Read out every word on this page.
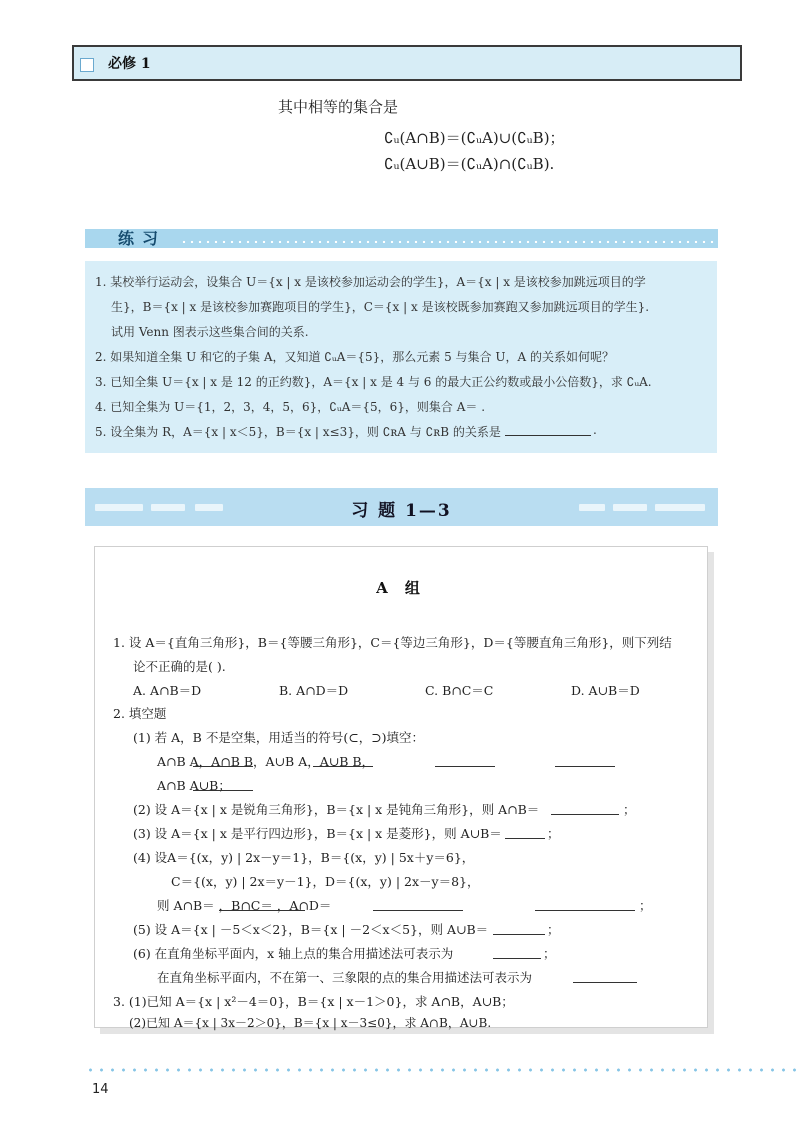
必修 1
其中相等的集合是
∁ᵤ(A∩B)＝(∁ᵤA)∪(∁ᵤB)；
∁ᵤ(A∪B)＝(∁ᵤA)∩(∁ᵤB).
练习
1. 某校举行运动会，设集合 U＝{x | x 是该校参加运动会的学生}，A＝{x | x 是该校参加跳远项目的学
生}，B＝{x | x 是该校参加赛跑项目的学生}，C＝{x | x 是该校既参加赛跑又参加跳远项目的学生}.
试用 Venn 图表示这些集合间的关系.
2. 如果知道全集 U 和它的子集 A，又知道 ∁ᵤA＝{5}，那么元素 5 与集合 U，A 的关系如何呢？
3. 已知全集 U＝{x | x 是 12 的正约数}，A＝{x | x 是 4 与 6 的最大正公约数或最小公倍数}，求 ∁ᵤA.
4. 已知全集为 U＝{1，2，3，4，5，6}，∁ᵤA＝{5，6}，则集合 A＝ .
5. 设全集为 R，A＝{x | x＜5}，B＝{x | x≤3}，则 ∁ʀA 与 ∁ʀB 的关系是	.
习 题 1—3
A 组
1. 设 A＝{直角三角形}，B＝{等腰三角形}，C＝{等边三角形}，D＝{等腰直角三角形}，则下列结
论不正确的是( ).
A. A∩B＝D	B. A∩D＝D	C. B∩C＝C	D. A∪B＝D
2. 填空题
(1) 若 A，B 不是空集，用适当的符号(⊂，⊃)填空：
A∩B A，A∩B B，A∪B A，A∪B B，
A∩B A∪B；
(2) 设 A＝{x | x 是锐角三角形}，B＝{x | x 是钝角三角形}，则 A∩B＝	；
(3) 设 A＝{x | x 是平行四边形}，B＝{x | x 是菱形}，则 A∪B＝	；
(4) 设A＝{(x，y) | 2x－y＝1}，B＝{(x，y) | 5x＋y＝6}，
C＝{(x，y) | 2x＝y－1}，D＝{(x，y) | 2x－y＝8}，
则 A∩B＝ ，B∩C＝ ，A∩D＝	；
(5) 设 A＝{x | －5＜x＜2}，B＝{x | －2＜x＜5}，则 A∪B＝	；
(6) 在直角坐标平面内，x 轴上点的集合用描述法可表示为	；
在直角坐标平面内，不在第一、三象限的点的集合用描述法可表示为
3. (1)已知 A＝{x | x²－4＝0}，B＝{x | x－1＞0}，求 A∩B，A∪B；
(2)已知 A＝{x | 3x－2＞0}，B＝{x | x－3≤0}，求 A∩B，A∪B.
14
